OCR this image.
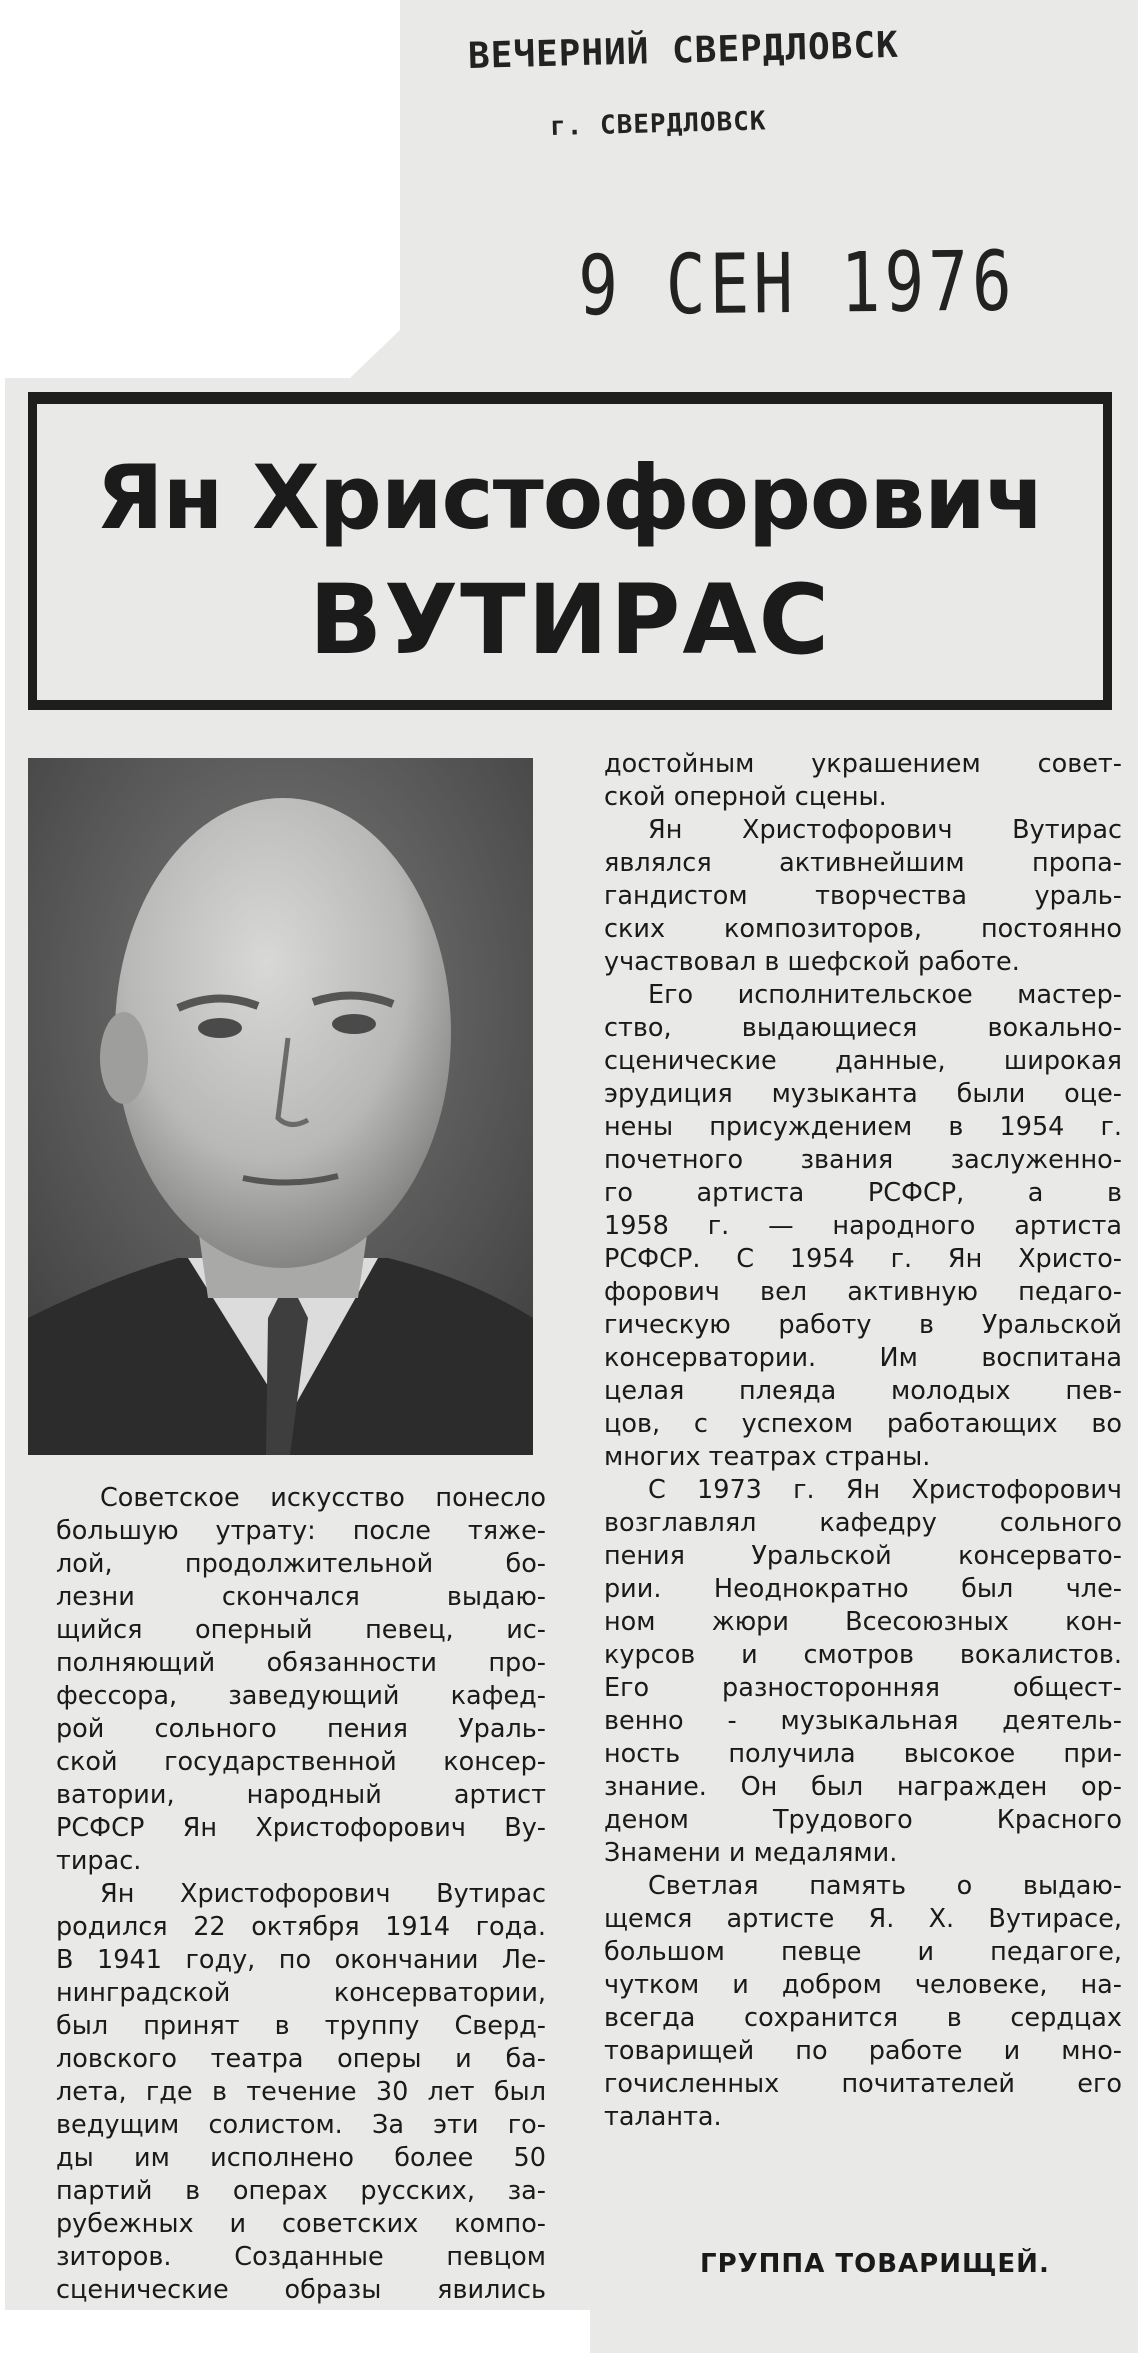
ВЕЧЕРНИЙ СВЕРДЛОВСК
г. СВЕРДЛОВСК
9 СЕН 1976
Ян Христофорович
ВУТИРАС
Советское искусство понесло
большую утрату: после тяже-
лой, продолжительной бо-
лезни скончался выдаю-
щийся оперный певец, ис-
полняющий обязанности про-
фессора, заведующий кафед-
рой сольного пения Ураль-
ской государственной консер-
ватории, народный артист
РСФСР Ян Христофорович Ву-
тирас.
Ян Христофорович Вутирас
родился 22 октября 1914 года.
В 1941 году, по окончании Ле-
нинградской консерватории,
был принят в труппу Сверд-
ловского театра оперы и ба-
лета, где в течение 30 лет был
ведущим солистом. За эти го-
ды им исполнено более 50
партий в операх русских, за-
рубежных и советских компо-
зиторов. Созданные певцом
сценические образы явились
достойным украшением совет-
ской оперной сцены.
Ян Христофорович Вутирас
являлся активнейшим пропа-
гандистом творчества ураль-
ских композиторов, постоянно
участвовал в шефской работе.
Его исполнительское мастер-
ство, выдающиеся вокально-
сценические данные, широкая
эрудиция музыканта были оце-
нены присуждением в 1954 г.
почетного звания заслуженно-
го артиста РСФСР, а в
1958 г. — народного артиста
РСФСР. С 1954 г. Ян Христо-
форович вел активную педаго-
гическую работу в Уральской
консерватории. Им воспитана
целая плеяда молодых пев-
цов, с успехом работающих во
многих театрах страны.
С 1973 г. Ян Христофорович
возглавлял кафедру сольного
пения Уральской консервато-
рии. Неоднократно был чле-
ном жюри Всесоюзных кон-
курсов и смотров вокалистов.
Его разносторонняя общест-
венно - музыкальная деятель-
ность получила высокое при-
знание. Он был награжден ор-
деном Трудового Красного
Знамени и медалями.
Светлая память о выдаю-
щемся артисте Я. Х. Вутирасе,
большом певце и педагоге,
чутком и добром человеке, на-
всегда сохранится в сердцах
товарищей по работе и мно-
гочисленных почитателей его
таланта.
ГРУППА ТОВАРИЩЕЙ.
